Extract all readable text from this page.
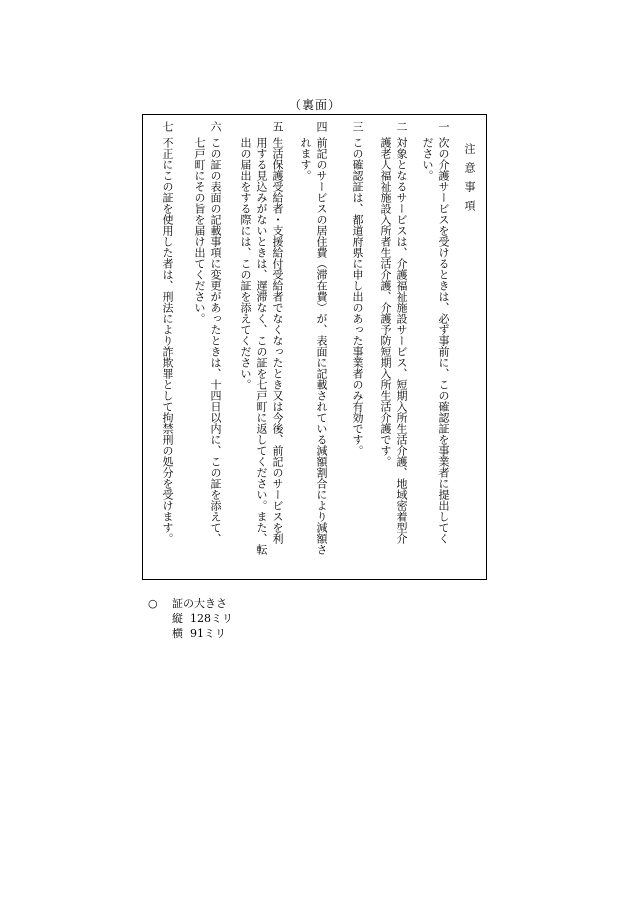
（裏面）
注意事項
一
次の介護サービスを受けるときは、必ず事前に、この確認証を事業者に提出してく
ださい。
二
対象となるサービスは、介護福祉施設サービス、短期入所生活介護、地域密着型介
護老人福祉施設入所者生活介護、介護予防短期入所生活介護です。
三
この確認証は、都道府県に申し出のあった事業者のみ有効です。
四
前記のサービスの居住費（滞在費）が、表面に記載されている減額割合により減額さ
れます。
五
生活保護受給者・支援給付受給者でなくなったとき又は今後、前記のサービスを利
用する見込みがないときは、遅滞なく、この証を七戸町に返してください。また、転
出の届出をする際には、この証を添えてください。
六
この証の表面の記載事項に変更があったときは、十四日以内に、この証を添えて、
七戸町にその旨を届け出てください。
七
不正にこの証を使用した者は、刑法により詐欺罪として拘禁刑の処分を受けます。
○	証の大きさ
縦 128ミリ
横 91ミリ
